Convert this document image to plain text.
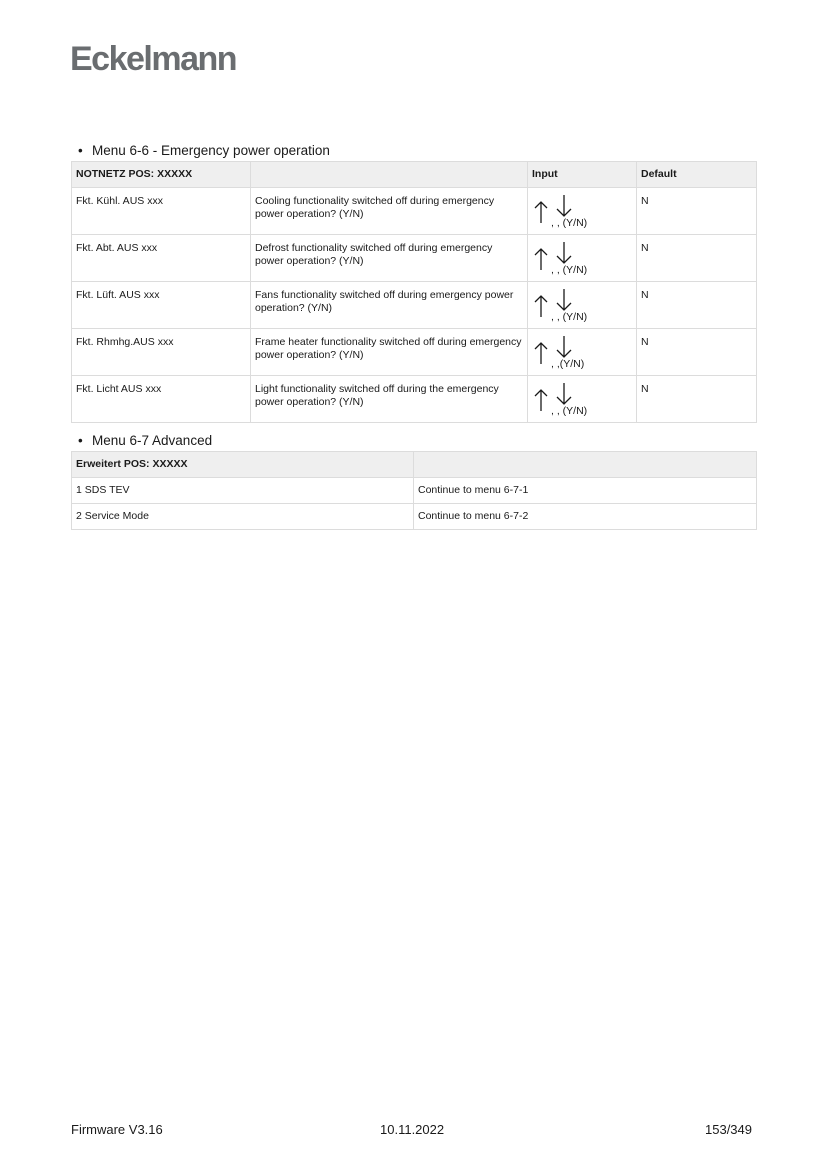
Eckelmann
• Menu 6-6 - Emergency power operation
NOTNETZ POS: XXXXX		Input	Default
Fkt. Kühl. AUS xxx	Cooling functionality switched off during emergency power operation? (Y/N)	, , (Y/N)	N
Fkt. Abt. AUS xxx	Defrost functionality switched off during emergency power operation? (Y/N)	, , (Y/N)	N
Fkt. Lüft. AUS xxx	Fans functionality switched off during emergency power operation? (Y/N)	, , (Y/N)	N
Fkt. Rhmhg.AUS xxx	Frame heater functionality switched off during emergency power operation? (Y/N)	, ,(Y/N)	N
Fkt. Licht AUS xxx	Light functionality switched off during the emergency power operation? (Y/N)	, , (Y/N)	N
• Menu 6-7 Advanced
Erweitert POS: XXXXX	
1 SDS TEV	Continue to menu 6-7-1
2 Service Mode	Continue to menu 6-7-2
Firmware V3.16	10.11.2022	153/349
